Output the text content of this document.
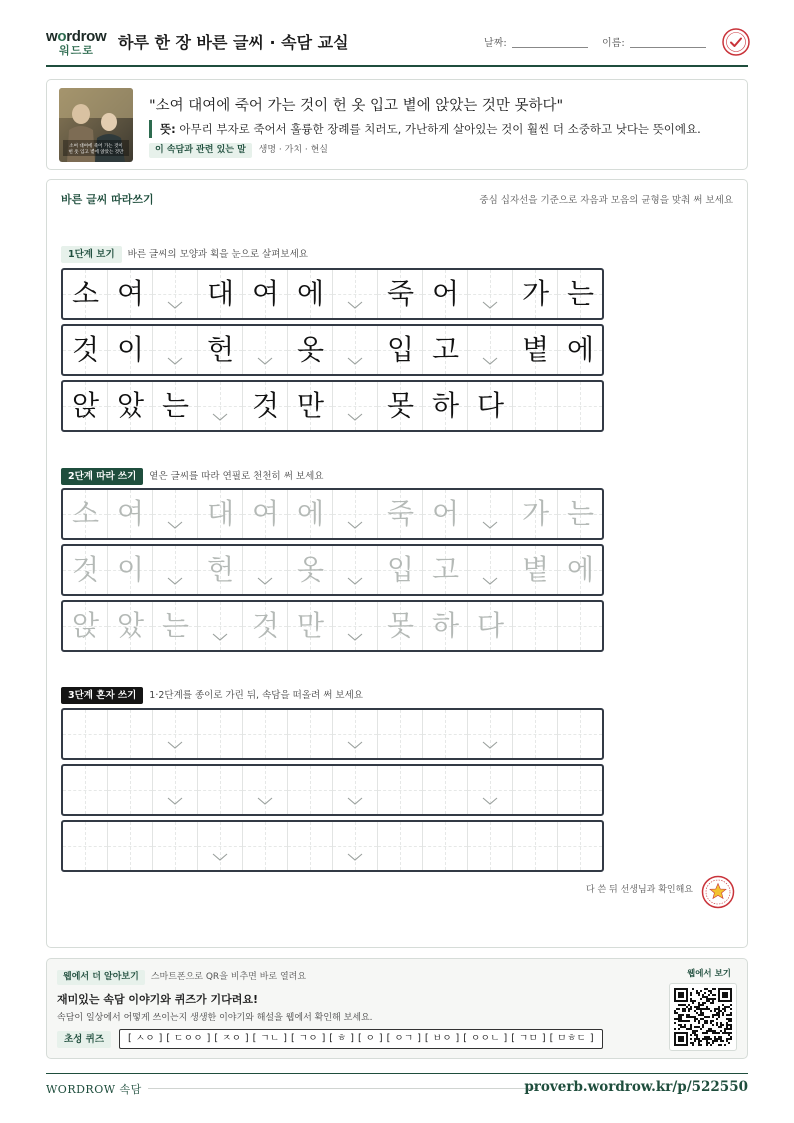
wordrow
워드로	하루 한 장 바른 글씨 · 속담 교실	날짜:	이름:
소여 대여에 죽어 가는 것이
헌 옷 입고 볕에 앉았는 것만
"소여 대여에 죽어 가는 것이 헌 옷 입고 볕에 앉았는 것만 못하다"
뜻: 아무리 부자로 죽어서 훌륭한 장례를 치러도, 가난하게 살아있는 것이 훨씬 더 소중하고 낫다는 뜻이에요.
이 속담과 관련 있는 말 생명 · 가치 · 현실
바른 글씨 따라쓰기	중심 십자선을 기준으로 자음과 모음의 균형을 맞춰 써 보세요
1단계 보기 바른 글씨의 모양과 획을 눈으로 살펴보세요
소 여	대 여 에	죽 어	가 는
것 이	헌	옷	입 고	볕 에
앉 았 는	것 만	못 하 다
2단계 따라 쓰기 옅은 글씨를 따라 연필로 천천히 써 보세요
소 여	대 여 에	죽 어	가 는
것 이	헌	옷	입 고	볕 에
앉 았 는	것 만	못 하 다
3단계 혼자 쓰기 1·2단계를 종이로 가린 뒤, 속담을 떠올려 써 보세요
다 쓴 뒤 선생님과 확인해요
웹에서 더 알아보기 스마트폰으로 QR을 비추면 바로 열려요
재미있는 속담 이야기와 퀴즈가 기다려요!
속담이 일상에서 어떻게 쓰이는지 생생한 이야기와 해설을 웹에서 확인해 보세요.
초성 퀴즈	[ ㅅㅇ ] [ ㄷㅇㅇ ] [ ㅈㅇ ] [ ㄱㄴ ] [ ㄱㅇ ] [ ㅎ ] [ ㅇ ] [ ㅇㄱ ] [ ㅂㅇ ] [ ㅇㅇㄴ ] [ ㄱㅁ ] [ ㅁㅎㄷ ]
웹에서 보기
WORDROW 속담	proverb.wordrow.kr/p/522550
